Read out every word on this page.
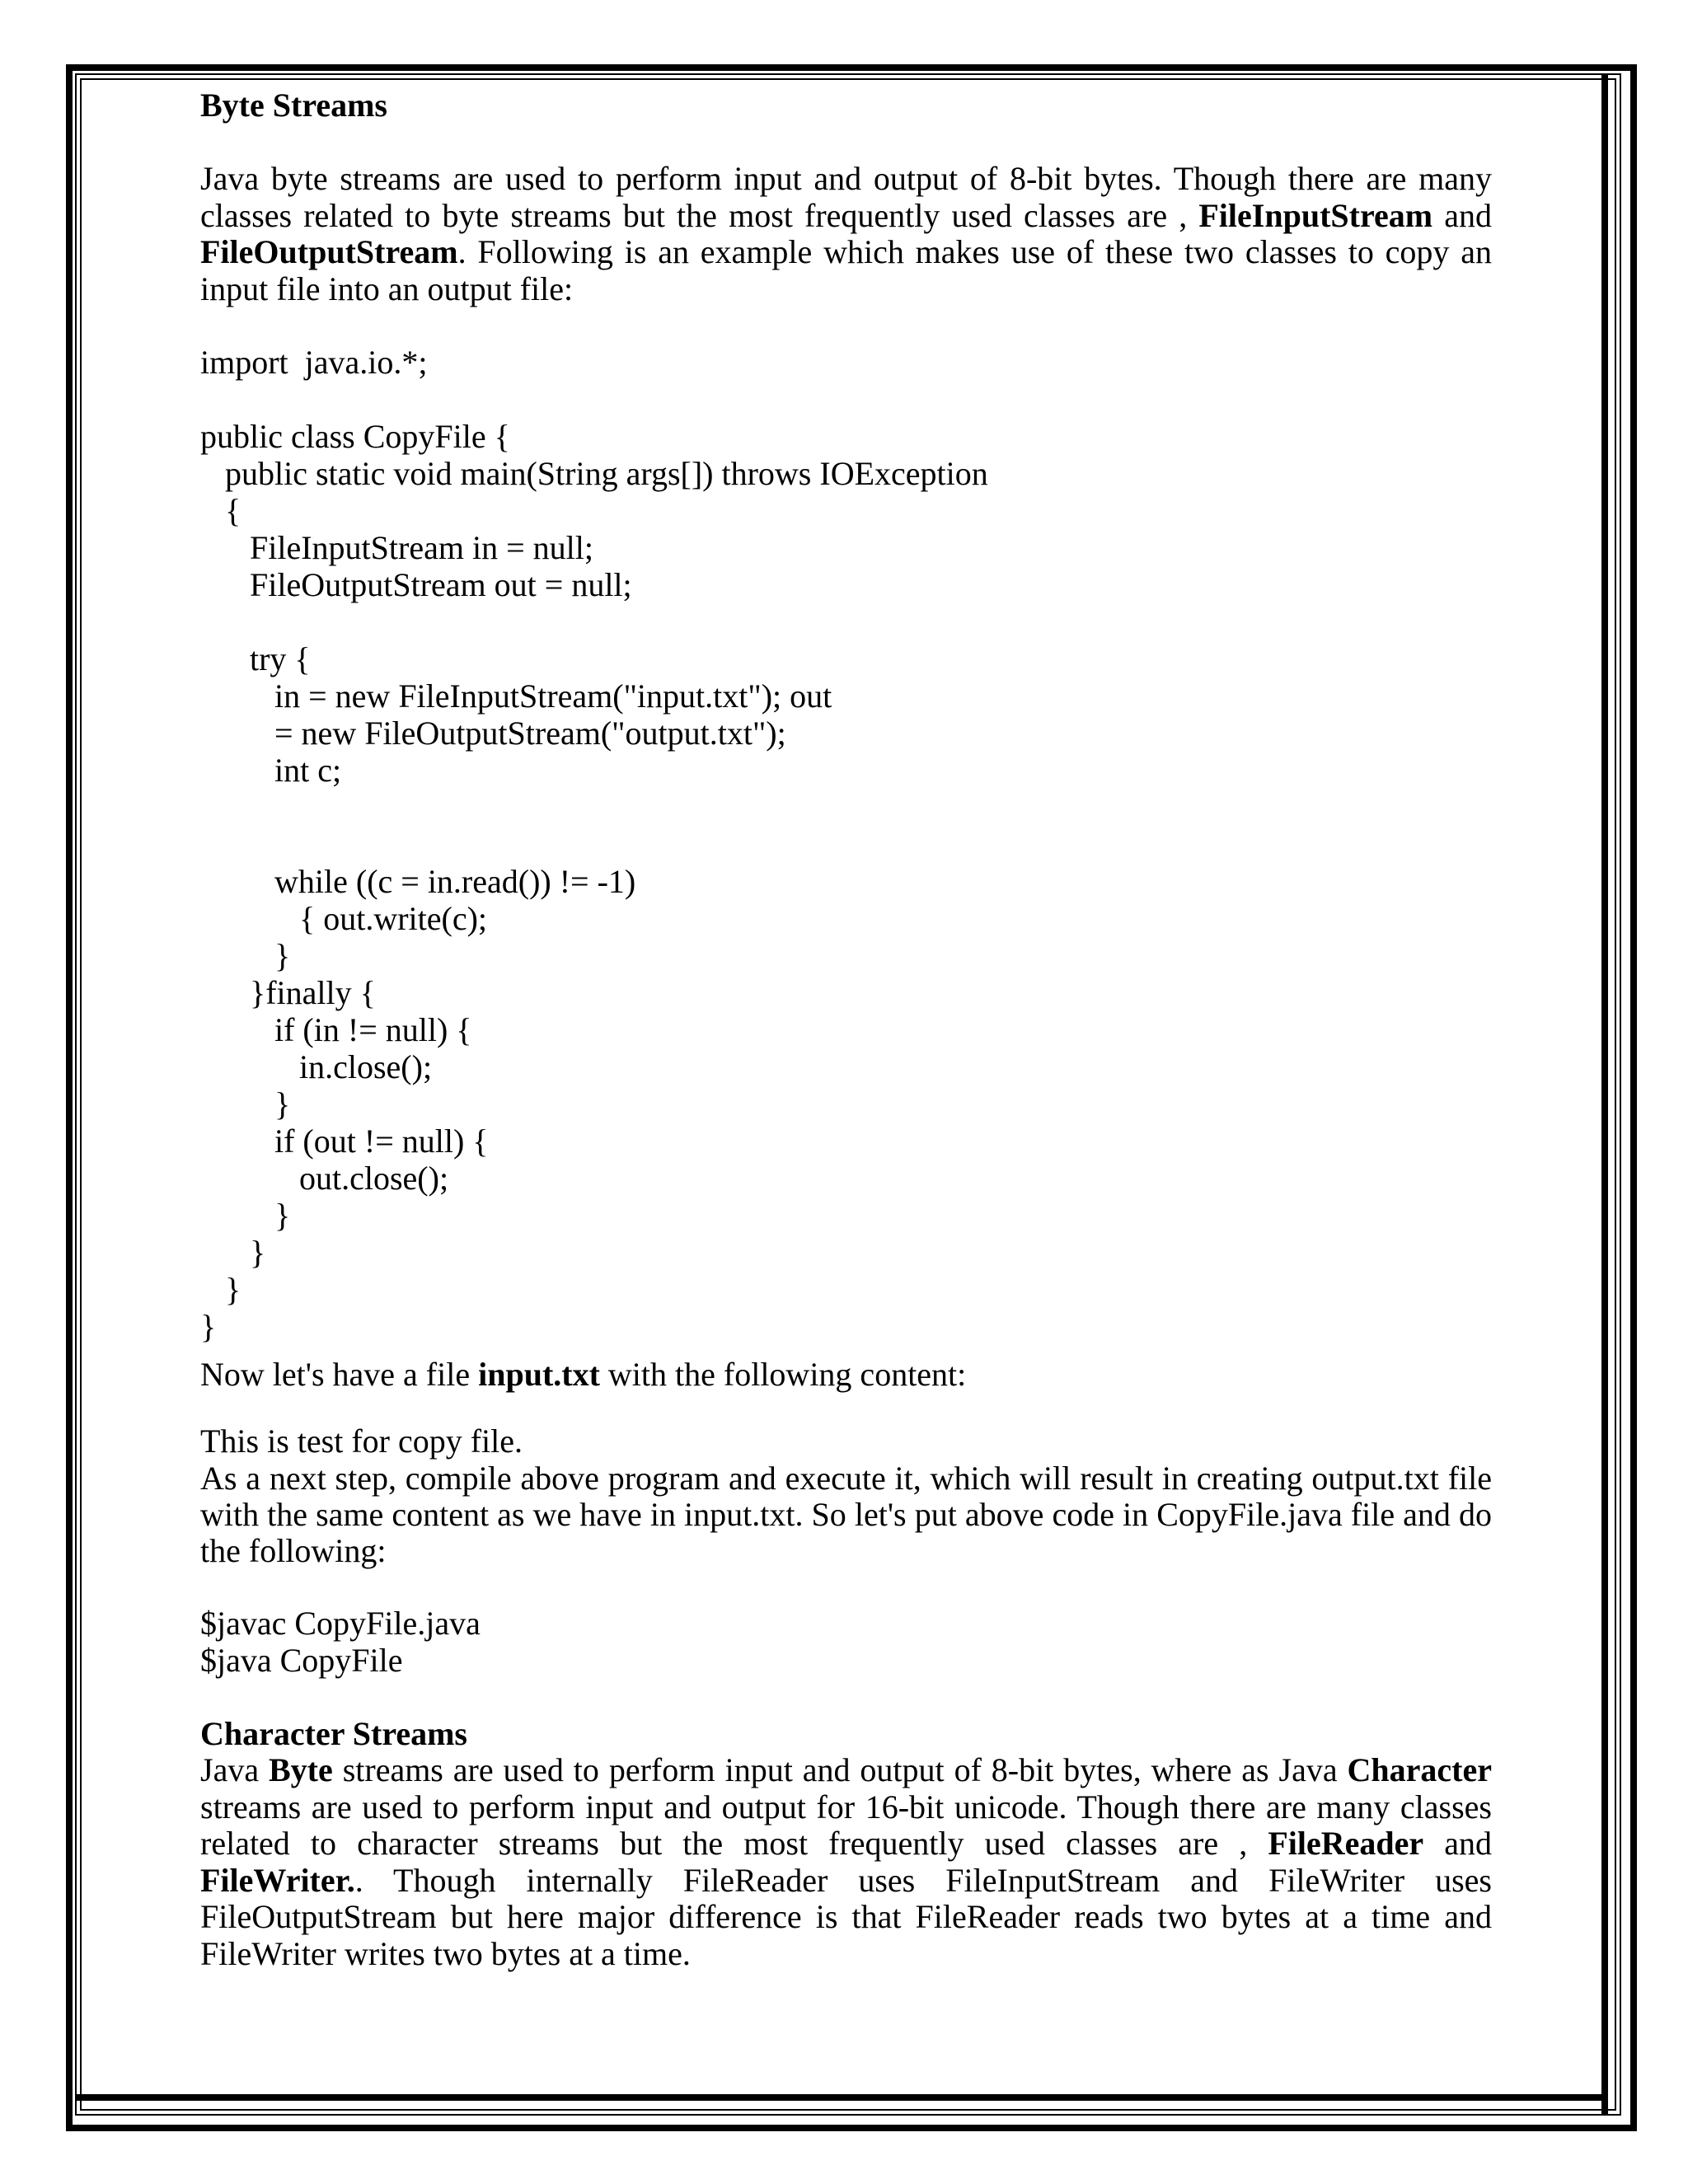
Byte Streams

Java byte streams are used to perform input and output of 8-bit bytes. Though there are many classes related to byte streams but the most frequently used classes are , FileInputStream and FileOutputStream. Following is an example which makes use of these two classes to copy an input file into an output file:

import  java.io.*;

public class CopyFile {
public static void main(String args[]) throws IOException
{
FileInputStream in = null;
FileOutputStream out = null;
try {
in = new FileInputStream("input.txt"); out
= new FileOutputStream("output.txt");
int c;
while ((c = in.read()) != -1)
{ out.write(c);
}
}finally {
if (in != null) {
in.close();
}
if (out != null) {
out.close();
}
}
}
}

Now let's have a file input.txt with the following content:

This is test for copy file.

As a next step, compile above program and execute it, which will result in creating output.txt file with the same content as we have in input.txt. So let's put above code in CopyFile.java file and do the following:

$javac CopyFile.java

$java CopyFile

Character Streams

Java Byte streams are used to perform input and output of 8-bit bytes, where as Java Character streams are used to perform input and output for 16-bit unicode. Though there are many classes related to character streams but the most frequently used classes are , FileReader and FileWriter.. Though internally FileReader uses FileInputStream and FileWriter uses FileOutputStream but here major difference is that FileReader reads two bytes at a time and FileWriter writes two bytes at a time.
